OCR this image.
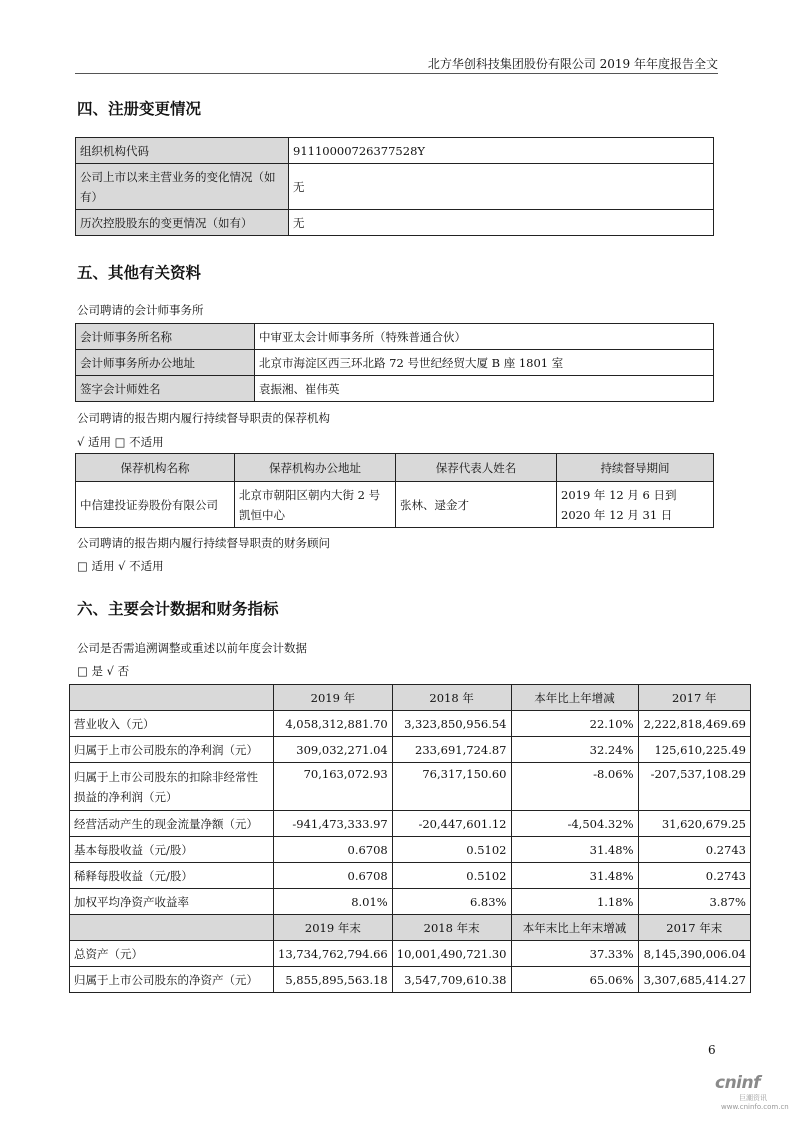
北方华创科技集团股份有限公司 2019 年年度报告全文
四、注册变更情况
组织机构代码	91110000726377528Y
公司上市以来主营业务的变化情况（如有）	无
历次控股股东的变更情况（如有）	无
五、其他有关资料
公司聘请的会计师事务所
会计师事务所名称	中审亚太会计师事务所（特殊普通合伙）
会计师事务所办公地址	北京市海淀区西三环北路 72 号世纪经贸大厦 B 座 1801 室
签字会计师姓名	袁振湘、崔伟英
公司聘请的报告期内履行持续督导职责的保荐机构
√ 适用 □ 不适用
保荐机构名称	保荐机构办公地址	保荐代表人姓名	持续督导期间
中信建投证券股份有限公司	北京市朝阳区朝内大街 2 号凯恒中心	张林、逯金才	2019 年 12 月 6 日到 2020 年 12 月 31 日
公司聘请的报告期内履行持续督导职责的财务顾问
□ 适用 √ 不适用
六、主要会计数据和财务指标
公司是否需追溯调整或重述以前年度会计数据
□ 是 √ 否
	2019 年	2018 年	本年比上年增减	2017 年
营业收入（元）	4,058,312,881.70	3,323,850,956.54	22.10%	2,222,818,469.69
归属于上市公司股东的净利润（元）	309,032,271.04	233,691,724.87	32.24%	125,610,225.49
归属于上市公司股东的扣除非经常性损益的净利润（元）	70,163,072.93	76,317,150.60	-8.06%	-207,537,108.29
经营活动产生的现金流量净额（元）	-941,473,333.97	-20,447,601.12	-4,504.32%	31,620,679.25
基本每股收益（元/股）	0.6708	0.5102	31.48%	0.2743
稀释每股收益（元/股）	0.6708	0.5102	31.48%	0.2743
加权平均净资产收益率	8.01%	6.83%	1.18%	3.87%
	2019 年末	2018 年末	本年末比上年末增减	2017 年末
总资产（元）	13,734,762,794.66	10,001,490,721.30	37.33%	8,145,390,006.04
归属于上市公司股东的净资产（元）	5,855,895,563.18	3,547,709,610.38	65.06%	3,307,685,414.27
6
cninf
巨潮资讯
www.cninfo.com.cn
